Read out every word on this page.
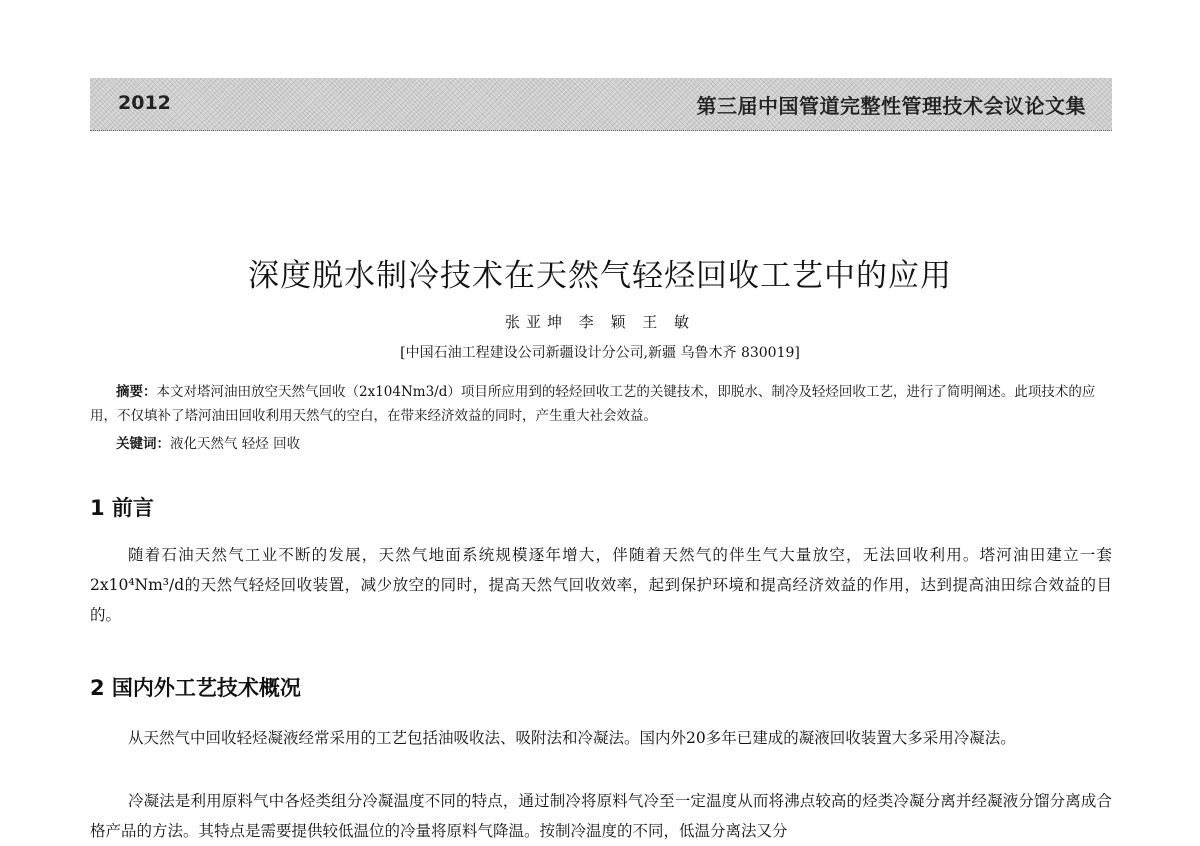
2012	第三届中国管道完整性管理技术会议论文集
深度脱水制冷技术在天然气轻烃回收工艺中的应用
张亚坤 李 颖 王 敏
[中国石油工程建设公司新疆设计分公司,新疆 乌鲁木齐 830019]

摘要：本文对塔河油田放空天然气回收（2x104Nm3/d）项目所应用到的轻烃回收工艺的关键技术，即脱水、制冷及轻烃回收工艺，进行了简明阐述。此项技术的应用，不仅填补了塔河油田回收利用天然气的空白，在带来经济效益的同时，产生重大社会效益。

关键词：液化天然气 轻烃 回收
1 前言

随着石油天然气工业不断的发展，天然气地面系统规模逐年增大，伴随着天然气的伴生气大量放空，无法回收利用。塔河油田建立一套2x10⁴Nm³/d的天然气轻烃回收装置，减少放空的同时，提高天然气回收效率，起到保护环境和提高经济效益的作用，达到提高油田综合效益的目的。

2 国内外工艺技术概况

从天然气中回收轻烃凝液经常采用的工艺包括油吸收法、吸附法和冷凝法。国内外20多年已建成的凝液回收装置大多采用冷凝法。

冷凝法是利用原料气中各烃类组分冷凝温度不同的特点，通过制冷将原料气冷至一定温度从而将沸点较高的烃类冷凝分离并经凝液分馏分离成合格产品的方法。其特点是需要提供较低温位的冷量将原料气降温。按制冷温度的不同，低温分离法又分
